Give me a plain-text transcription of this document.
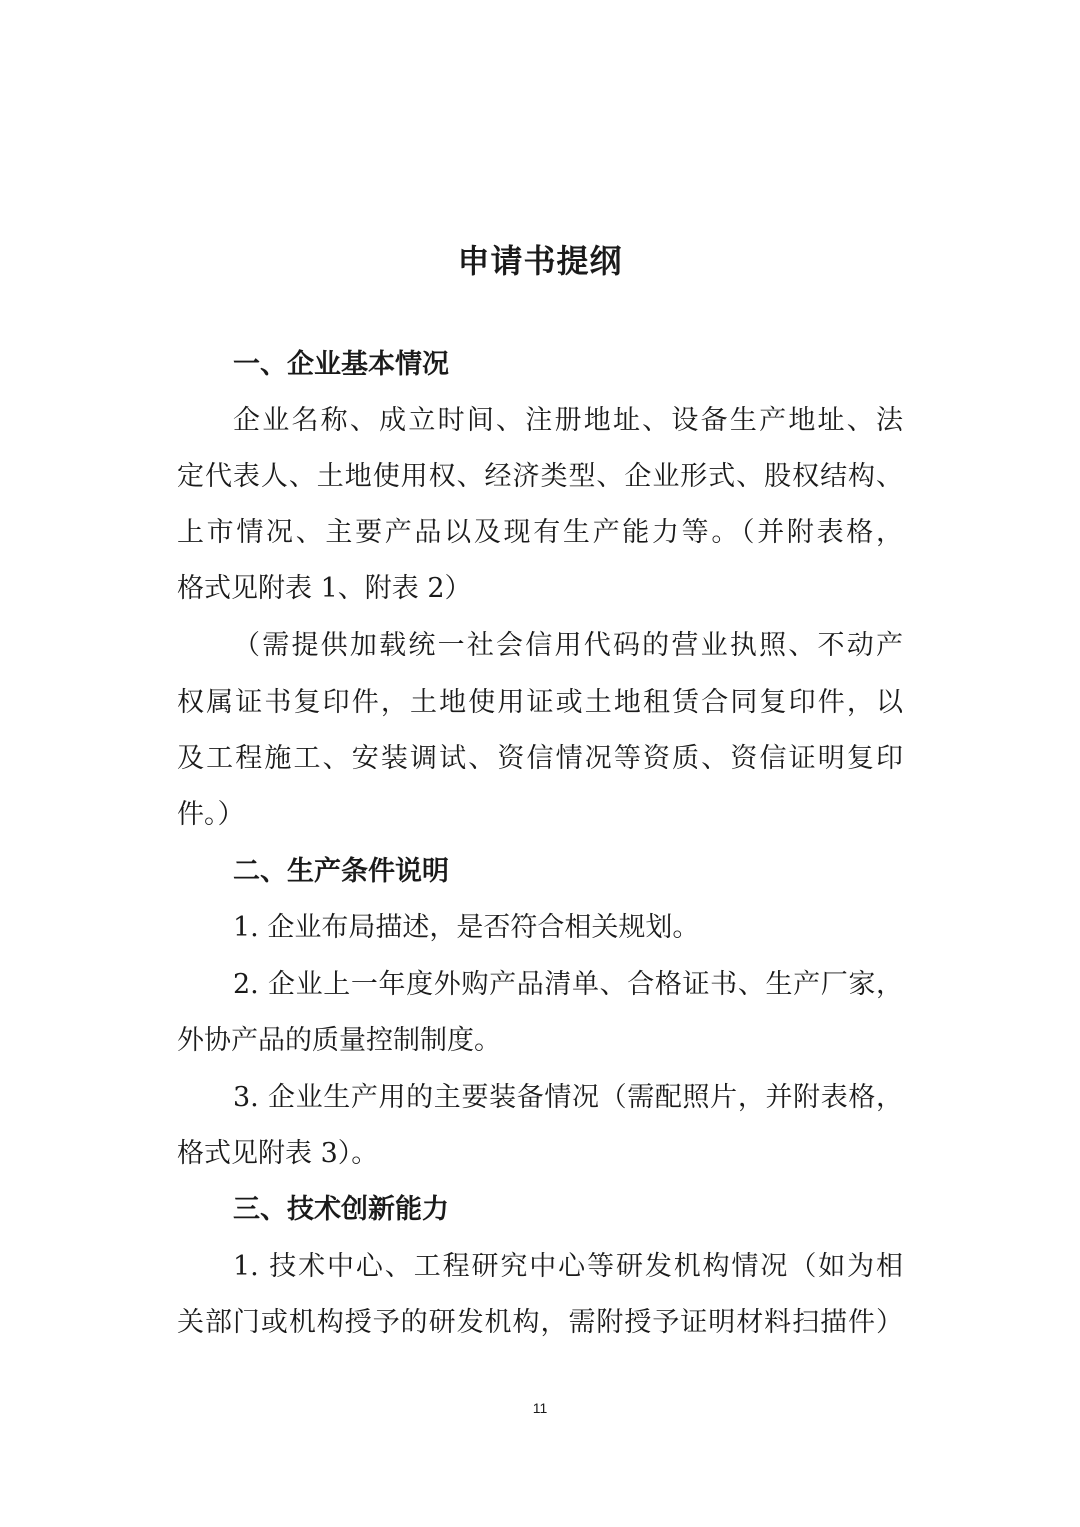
申请书提纲
一、企业基本情况
企业名称、成立时间、注册地址、设备生产地址、法
定代表人、土地使用权、经济类型、企业形式、股权结构、
上市情况、主要产品以及现有生产能力等。（并附表格，
格式见附表 1、附表 2）
（需提供加载统一社会信用代码的营业执照、不动产
权属证书复印件，土地使用证或土地租赁合同复印件，以
及工程施工、安装调试、资信情况等资质、资信证明复印
件。）
二、生产条件说明
1. 企业布局描述，是否符合相关规划。
2. 企业上一年度外购产品清单、合格证书、生产厂家，
外协产品的质量控制制度。
3. 企业生产用的主要装备情况（需配照片，并附表格，
格式见附表 3）。
三、技术创新能力
1. 技术中心、工程研究中心等研发机构情况（如为相
关部门或机构授予的研发机构，需附授予证明材料扫描件）
11
